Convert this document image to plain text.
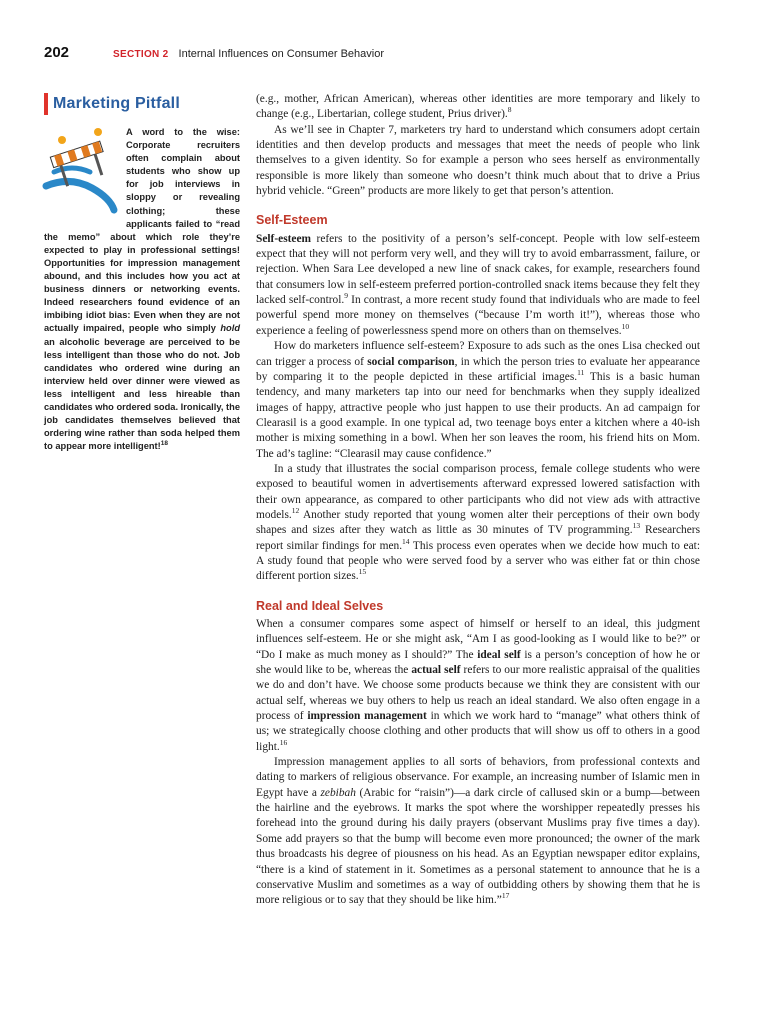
202	SECTION 2 Internal Influences on Consumer Behavior
Marketing Pitfall

A word to the wise: Corporate recruiters often complain about students who show up for job interviews in sloppy or revealing clothing; these applicants failed to “read the memo” about which role they’re expected to play in professional settings! Opportunities for impression management abound, and this includes how you act at business dinners or networking events. Indeed researchers found evidence of an imbibing idiot bias: Even when they are not actually impaired, people who simply hold an alcoholic beverage are perceived to be less intelligent than those who do not. Job candidates who ordered wine during an interview held over dinner were viewed as less intelligent and less hireable than candidates who ordered soda. Ironically, the job candidates themselves believed that ordering wine rather than soda helped them to appear more intelligent!$^{18}$

(e.g., mother, African American), whereas other identities are more temporary and likely to change (e.g., Libertarian, college student, Prius driver).$^8$

As we’ll see in Chapter 7, marketers try hard to understand which consumers adopt certain identities and then develop products and messages that meet the needs of people who link themselves to a given identity. So for example a person who sees herself as environmentally responsible is more likely than someone who doesn’t think much about that to drive a Prius hybrid vehicle. “Green” products are more likely to get that person’s attention.

Self-Esteem

Self-esteem refers to the positivity of a person’s self-concept. People with low self-esteem expect that they will not perform very well, and they will try to avoid embarrassment, failure, or rejection. When Sara Lee developed a new line of snack cakes, for example, researchers found that consumers low in self-esteem preferred portion-controlled snack items because they felt they lacked self-control.$^9$ In contrast, a more recent study found that individuals who are made to feel powerful spend more money on themselves (“because I’m worth it!”), whereas those who experience a feeling of powerlessness spend more on others than on themselves.$^{10}$

How do marketers influence self-esteem? Exposure to ads such as the ones Lisa checked out can trigger a process of social comparison, in which the person tries to evaluate her appearance by comparing it to the people depicted in these artificial images.$^{11}$ This is a basic human tendency, and many marketers tap into our need for benchmarks when they supply idealized images of happy, attractive people who just happen to use their products. An ad campaign for Clearasil is a good example. In one typical ad, two teenage boys enter a kitchen where a 40-ish mother is mixing something in a bowl. When her son leaves the room, his friend hits on Mom. The ad’s tagline: “Clearasil may cause confidence.”

In a study that illustrates the social comparison process, female college students who were exposed to beautiful women in advertisements afterward expressed lowered satisfaction with their own appearance, as compared to other participants who did not view ads with attractive models.$^{12}$ Another study reported that young women alter their perceptions of their own body shapes and sizes after they watch as little as 30 minutes of TV programming.$^{13}$ Researchers report similar findings for men.$^{14}$ This process even operates when we decide how much to eat: A study found that people who were served food by a server who was either fat or thin chose different portion sizes.$^{15}$

Real and Ideal Selves

When a consumer compares some aspect of himself or herself to an ideal, this judgment influences self-esteem. He or she might ask, “Am I as good-looking as I would like to be?” or “Do I make as much money as I should?” The ideal self is a person’s conception of how he or she would like to be, whereas the actual self refers to our more realistic appraisal of the qualities we do and don’t have. We choose some products because we think they are consistent with our actual self, whereas we buy others to help us reach an ideal standard. We also often engage in a process of impression management in which we work hard to “manage” what others think of us; we strategically choose clothing and other products that will show us off to others in a good light.$^{16}$

Impression management applies to all sorts of behaviors, from professional contexts and dating to markers of religious observance. For example, an increasing number of Islamic men in Egypt have a zebibah (Arabic for “raisin”)—a dark circle of callused skin or a bump—between the hairline and the eyebrows. It marks the spot where the worshipper repeatedly presses his forehead into the ground during his daily prayers (observant Muslims pray five times a day). Some add prayers so that the bump will become even more pronounced; the owner of the mark thus broadcasts his degree of piousness on his head. As an Egyptian newspaper editor explains, “there is a kind of statement in it. Sometimes as a personal statement to announce that he is a conservative Muslim and sometimes as a way of outbidding others by showing them that he is more religious or to say that they should be like him.”$^{17}$
